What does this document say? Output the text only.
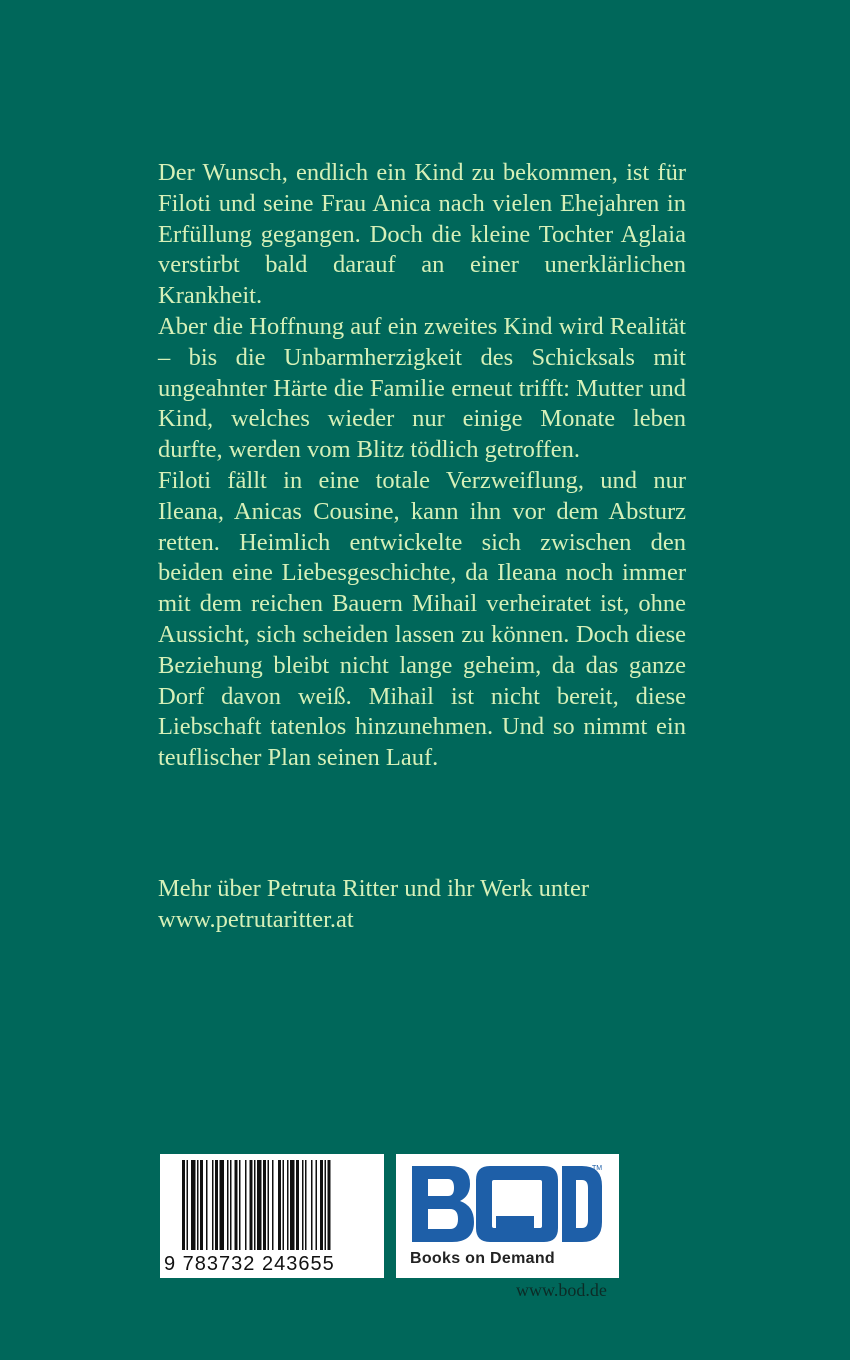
Der Wunsch, endlich ein Kind zu bekommen, ist für Filoti und seine Frau Anica nach vielen Ehejahren in Erfüllung gegangen. Doch die kleine Tochter Aglaia verstirbt bald darauf an einer unerklärlichen Krankheit.

Aber die Hoffnung auf ein zweites Kind wird Realität – bis die Unbarmherzigkeit des Schicksals mit ungeahnter Härte die Familie erneut trifft: Mutter und Kind, welches wieder nur einige Monate leben durfte, werden vom Blitz tödlich getroffen.

Filoti fällt in eine totale Verzweiflung, und nur Ileana, Anicas Cousine, kann ihn vor dem Absturz retten. Heimlich entwickelte sich zwischen den beiden eine Liebesgeschichte, da Ileana noch immer mit dem reichen Bauern Mihail verheiratet ist, ohne Aussicht, sich scheiden lassen zu können. Doch diese Beziehung bleibt nicht lange geheim, da das ganze Dorf davon weiß. Mihail ist nicht bereit, diese Liebschaft tatenlos hinzunehmen. Und so nimmt ein teuflischer Plan seinen Lauf.

Mehr über Petruta Ritter und ihr Werk unter

www.petrutaritter.at

9 783732 243655
TM
Books on Demand
www.bod.de
